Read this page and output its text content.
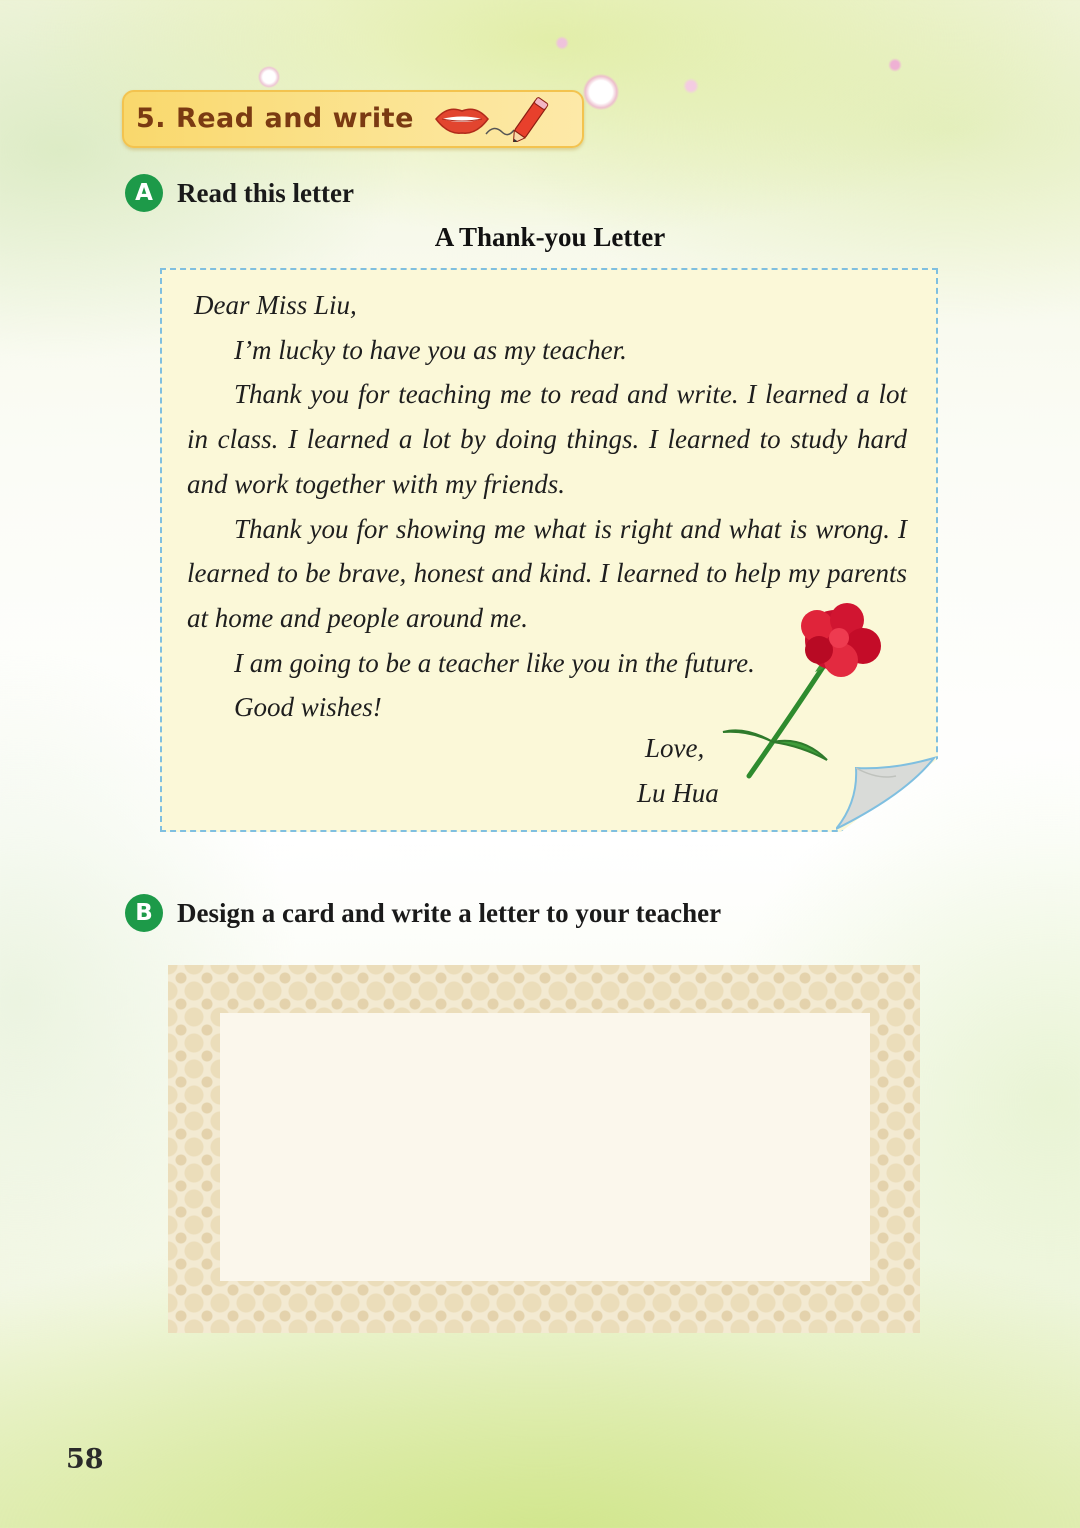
5. Read and write
A Read this letter
A Thank-you Letter

Dear Miss Liu,

I’m lucky to have you as my teacher.

Thank you for teaching me to read and write. I learned a lot in class. I learned a lot by doing things. I learned to study hard and work together with my friends.

Thank you for showing me what is right and what is wrong. I learned to be brave, honest and kind. I learned to help my parents at home and people around me.

I am going to be a teacher like you in the future.

Good wishes!

Love,
Lu Hua
B Design a card and write a letter to your teacher
58
